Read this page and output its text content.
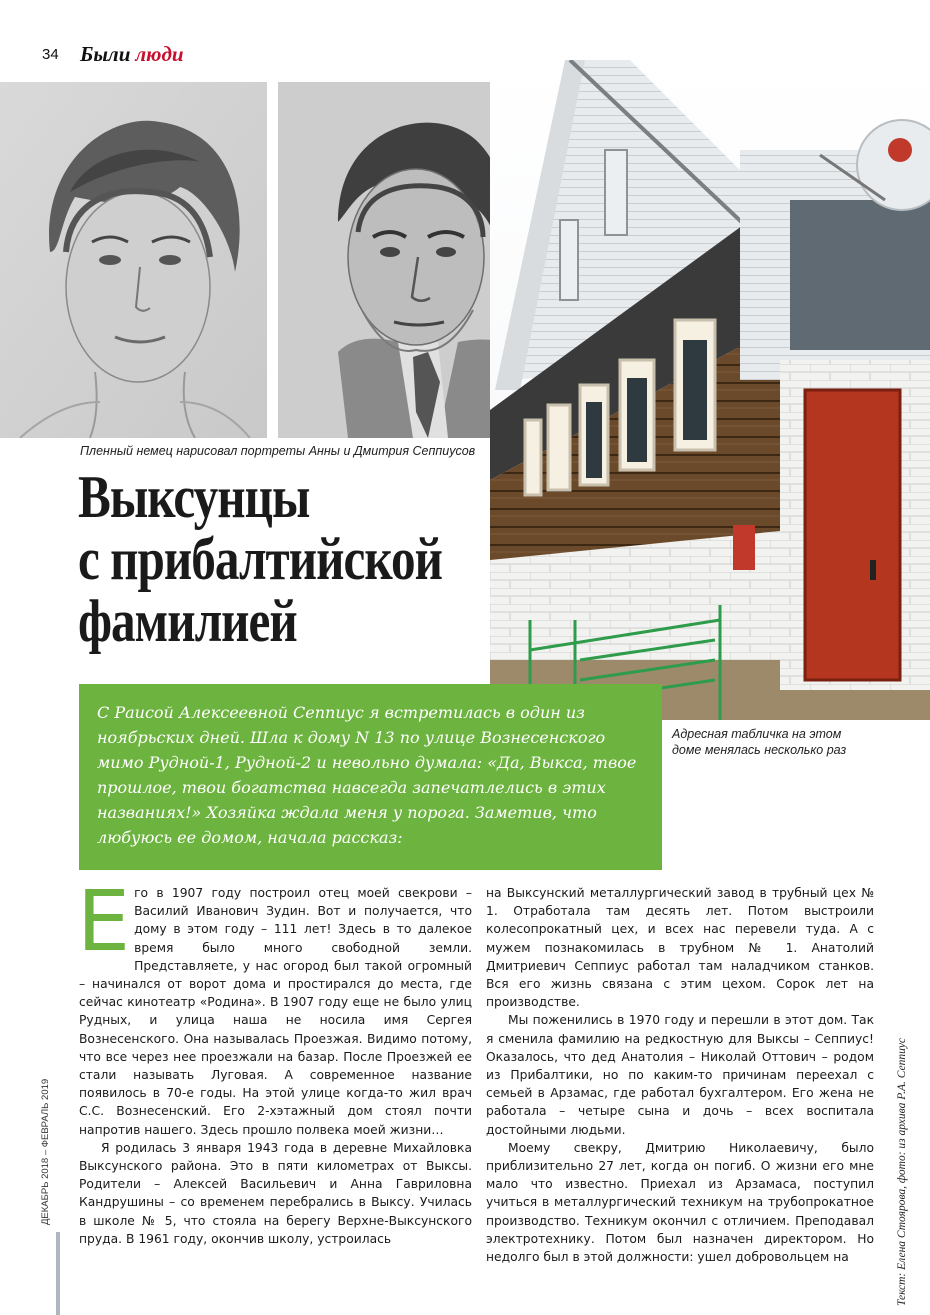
34 Были люди
Пленный немец нарисовал портреты Анны и Дмитрия Сеппиусов
Выксунцы
с прибалтийской
фамилией

С Раисой Алексеевной Сеппиус я встретилась в один из ноябрьских дней. Шла к дому N 13 по улице Вознесенского мимо Рудной-1, Рудной-2 и невольно думала: «Да, Выкса, твое прошлое, твои богатства навсегда запечатлелись в этих названиях!» Хозяйка ждала меня у порога. Заметив, что любуюсь ее домом, начала рассказ:

Адресная табличка на этом доме менялась несколько раз

Его в 1907 году построил отец моей свекрови – Василий Иванович Зудин. Вот и получается, что дому в этом году – 111 лет! Здесь в то далекое время было много свободной земли. Представляете, у нас огород был такой огромный – начинался от ворот дома и простирался до места, где сейчас кинотеатр «Родина». В 1907 году еще не было улиц Рудных, и улица наша не носила имя Сергея Вознесенского. Она называлась Проезжая. Видимо потому, что все через нее проезжали на базар. После Проезжей ее стали называть Луговая. А современное название появилось в 70-е годы. На этой улице когда-то жил врач С.С. Вознесенский. Его 2-хэтажный дом стоял почти напротив нашего. Здесь прошло полвека моей жизни…

Я родилась 3 января 1943 года в деревне Михайловка Выксунского района. Это в пяти километрах от Выксы. Родители – Алексей Васильевич и Анна Гавриловна Кандрушины – со временем перебрались в Выксу. Училась в школе № 5, что стояла на берегу Верхне-Выксунского пруда. В 1961 году, окончив школу, устроилась

на Выксунский металлургический завод в трубный цех № 1. Отработала там десять лет. Потом выстроили колесопрокатный цех, и всех нас перевели туда. А с мужем познакомилась в трубном № 1. Анатолий Дмитриевич Сеппиус работал там наладчиком станков. Вся его жизнь связана с этим цехом. Сорок лет на производстве.

Мы поженились в 1970 году и перешли в этот дом. Так я сменила фамилию на редкостную для Выксы – Сеппиус! Оказалось, что дед Анатолия – Николай Оттович – родом из Прибалтики, но по каким-то причинам переехал с семьей в Арзамас, где работал бухгалтером. Его жена не работала – четыре сына и дочь – всех воспитала достойными людьми.

Моему свекру, Дмитрию Николаевичу, было приблизительно 27 лет, когда он погиб. О жизни его мне мало что известно. Приехал из Арзамаса, поступил учиться в металлургический техникум на трубопрокатное производство. Техникум окончил с отличием. Преподавал электротехнику. Потом был назначен директором. Но недолго был в этой должности: ушел добровольцем на

ДЕКАБРЬ 2018 – ФЕВРАЛЬ 2019	Текст: Елена Стоярова, фото: из архива Р.А. Сеппиус
